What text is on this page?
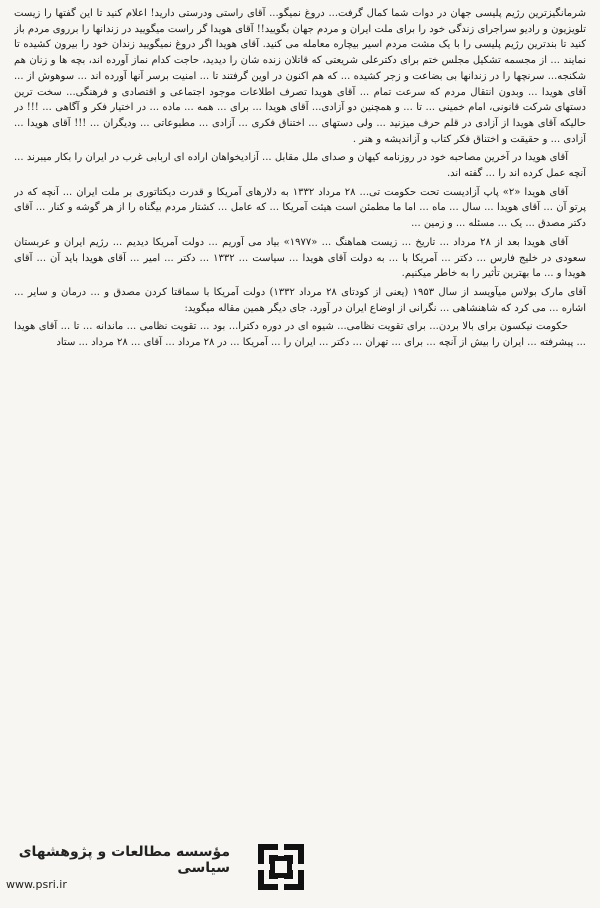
شرمانگیزترین رژیم پلیسی جهان در دوات شما کمال گرفت... دروغ نمیگو... آقای راستی ودرستی دارید! اعلام کنید تا این گفتها را زیست تلویزیون و رادیو سراجرای زندگی خود را برای ملت ایران و مردم جهان بگویید!! آقای هویدا گر راست میگویید در زندانها را برروی مردم باز کنید تا بندترین رژیم پلیسی را با یک مشت مردم اسیر بیچاره معامله می کنید. آقای هویدا اگر دروغ نمیگویید زندان خود را بیرون کشیده تا نمایند ... از مجسمه تشکیل مجلس ختم برای دکترعلی شریعتی که قاتلان زنده شان را دیدید، حاجت کدام نماز آورده اند، بچه ها و زنان هم شکنجه... سرنچها را در زندانها بی بضاعت و زجر کشیده ... که هم اکنون در اوین گرفتند تا ... امنیت برسر آنها آورده اند ... سوهوش از ... آقای هویدا ... وبدون انتقال مردم که سرعت تمام ... آقای هویدا تصرف اطلاعات موجود اجتماعی و اقتصادی و فرهنگی... سخت ترین دستهای شرکت قانونی، امام خمینی ... تا ... و همچنین دو آزادی... آقای هویدا ... برای ... همه ... ماده ... در اختیار فکر و آگاهی ... !!! در حالیکه آقای هویدا از آزادی در قلم حرف میزنید ... ولی دستهای ... اختناق فکری ... آزادی ... مطبوعاتی ... ودیگران ... !!! آقای هویدا ... آزادی ... و حقیقت و اختناق فکر کتاب و آزاندیشه و هنر .

آقای هویدا در آخرین مصاحبه خود در روزنامه کیهان و صدای ملل مقابل ... آزادیخواهان اراده ای اربابی غرب در ایران را بکار میبرند ... آنچه عمل کرده اند را ... گفته اند.

آقای هویدا «۲» پاپ آزادیست تحت حکومت تی... ۲۸ مرداد ۱۳۳۲ به دلارهای آمریکا و قدرت دیکتاتوری بر ملت ایران ... آنچه که در پرتو آن ... آقای هویدا ... سال ... ماه ... اما ما مطمئن است هیئت آمریکا ... که عامل ... کشتار مردم بیگناه را از هر گوشه و کنار ... آقای دکتر مصدق ... یک ... مسئله ... و زمین ...

آقای هویدا بعد از ۲۸ مرداد ... تاریخ ... زیست هماهنگ ... «۱۹۷۷» بیاد می آوریم ... دولت آمریکا دیدیم ... رژیم ایران و عربستان سعودی در خلیج فارس ... دکتر ... آمریکا با ... به دولت آقای هویدا ... سیاست ... ۱۳۳۲ ... دکتر ... امیر ... آقای هویدا باید آن ... آقای هویدا و ... ما بهترین تأثیر را به خاطر میکنیم.

آقای مارک بولاس میآویسد از سال ۱۹۵۳ (یعنی از کودتای ۲۸ مرداد ۱۳۳۲) دولت آمریکا با سماقتا کردن مصدق و ... درمان و سایر ... اشاره ... می کرد که شاهنشاهی ... نگرانی از اوضاع ایران در آورد. جای دیگر همین مقاله میگوید:

حکومت نیکسون برای بالا بردن... برای تقویت نظامی... شیوه ای در دوره دکترا... بود ... تقویت نظامی ... ماندانه ... تا ... آقای هویدا ... پیشرفته ... ایران را بیش از آنچه ... برای ... تهران ... دکتر ... ایران را ... آمریکا ... در ۲۸ مرداد ... آقای ... ۲۸ مرداد ... ستاد

مؤسسه مطالعات و پژوهشهای سیاسی
www.psri.ir
